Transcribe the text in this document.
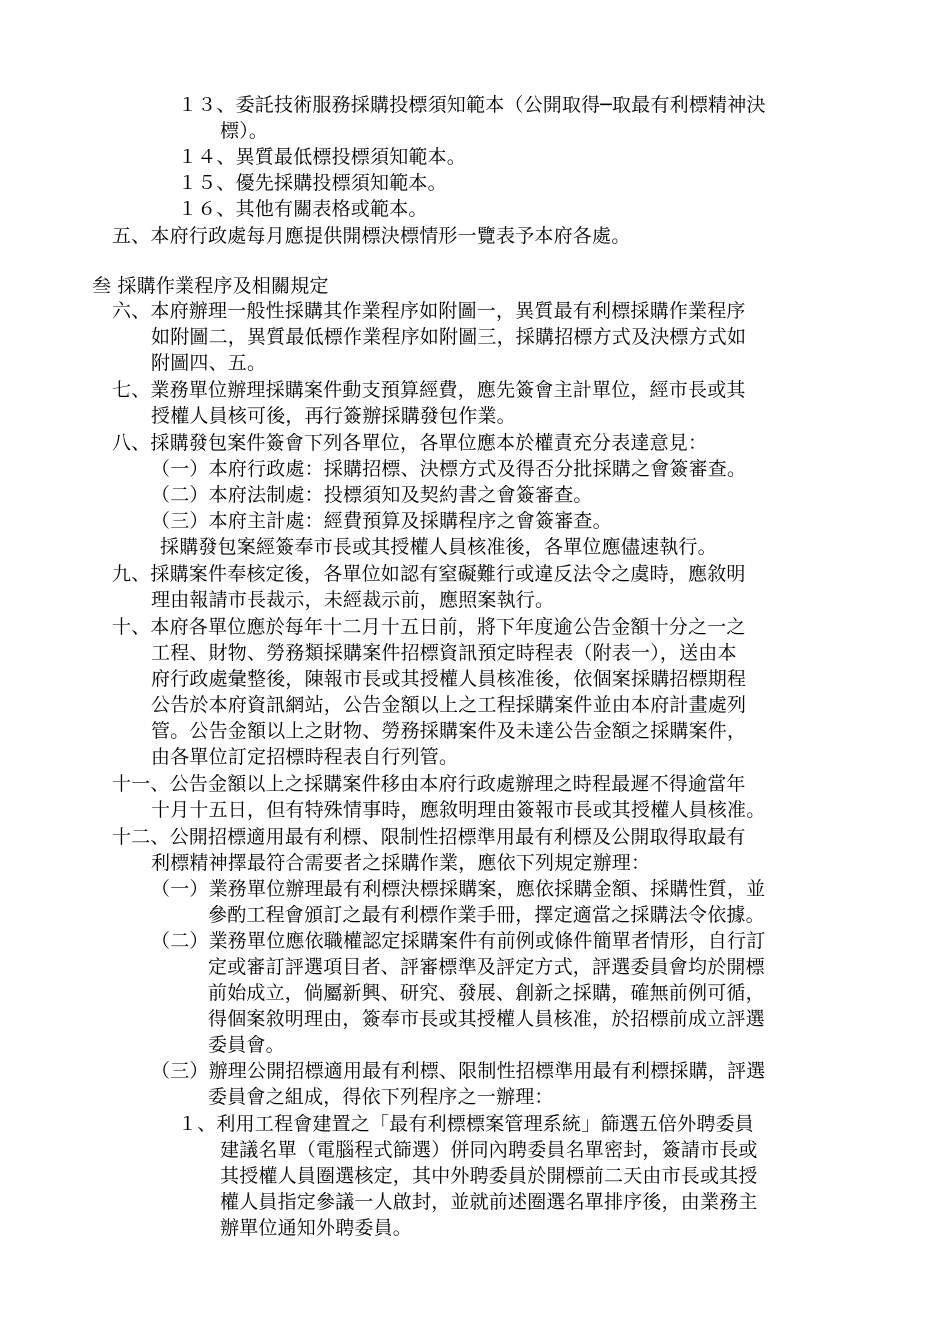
１３、委託技術服務採購投標須知範本（公開取得─取最有利標精神決
標）。
１４、異質最低標投標須知範本。
１５、優先採購投標須知範本。
１６、其他有關表格或範本。
五、本府行政處每月應提供開標決標情形一覽表予本府各處。
叁 採購作業程序及相關規定
六、本府辦理一般性採購其作業程序如附圖一，異質最有利標採購作業程序
如附圖二，異質最低標作業程序如附圖三，採購招標方式及決標方式如
附圖四、五。
七、業務單位辦理採購案件動支預算經費，應先簽會主計單位，經市長或其
授權人員核可後，再行簽辦採購發包作業。
八、採購發包案件簽會下列各單位，各單位應本於權責充分表達意見：
（一）本府行政處：採購招標、決標方式及得否分批採購之會簽審查。
（二）本府法制處：投標須知及契約書之會簽審查。
（三）本府主計處：經費預算及採購程序之會簽審查。
採購發包案經簽奉市長或其授權人員核准後，各單位應儘速執行。
九、採購案件奉核定後，各單位如認有窒礙難行或違反法令之虞時，應敘明
理由報請市長裁示，未經裁示前，應照案執行。
十、本府各單位應於每年十二月十五日前，將下年度逾公告金額十分之一之
工程、財物、勞務類採購案件招標資訊預定時程表（附表一），送由本
府行政處彙整後，陳報市長或其授權人員核准後，依個案採購招標期程
公告於本府資訊網站，公告金額以上之工程採購案件並由本府計畫處列
管。公告金額以上之財物、勞務採購案件及未達公告金額之採購案件，
由各單位訂定招標時程表自行列管。
十一、公告金額以上之採購案件移由本府行政處辦理之時程最遲不得逾當年
十月十五日，但有特殊情事時，應敘明理由簽報市長或其授權人員核准。
十二、公開招標適用最有利標、限制性招標準用最有利標及公開取得取最有
利標精神擇最符合需要者之採購作業，應依下列規定辦理：
（一）業務單位辦理最有利標決標採購案，應依採購金額、採購性質，並
參酌工程會頒訂之最有利標作業手冊，擇定適當之採購法令依據。
（二）業務單位應依職權認定採購案件有前例或條件簡單者情形，自行訂
定或審訂評選項目者、評審標準及評定方式，評選委員會均於開標
前始成立，倘屬新興、研究、發展、創新之採購，確無前例可循，
得個案敘明理由，簽奉市長或其授權人員核准，於招標前成立評選
委員會。
（三）辦理公開招標適用最有利標、限制性招標準用最有利標採購，評選
委員會之組成，得依下列程序之一辦理：
１、利用工程會建置之「最有利標標案管理系統」篩選五倍外聘委員
建議名單（電腦程式篩選）併同內聘委員名單密封，簽請市長或
其授權人員圈選核定，其中外聘委員於開標前二天由市長或其授
權人員指定參議一人啟封，並就前述圈選名單排序後，由業務主
辦單位通知外聘委員。
